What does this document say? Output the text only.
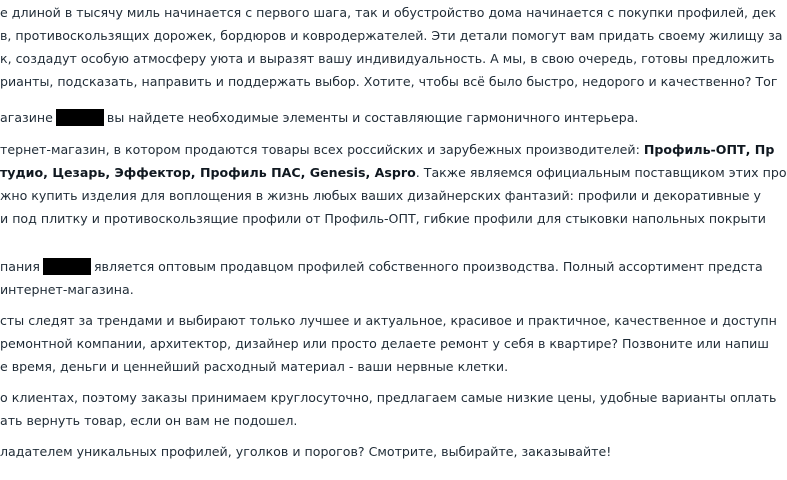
е длиной в тысячу миль начинается с первого шага, так и обустройство дома начинается с покупки профилей, дек
в, противоскользящих дорожек, бордюров и ковродержателей. Эти детали помогут вам придать своему жилищу за
к, создадут особую атмосферу уюта и выразят вашу индивидуальность. А мы, в свою очередь, готовы предложить
рианты, подсказать, направить и поддержать выбор. Хотите, чтобы всё было быстро, недорого и качественно? Тог
агазине	вы найдете необходимые элементы и составляющие гармоничного интерьера.
тернет-магазин, в котором продаются товары всех российских и зарубежных производителей: Профиль-ОПТ, Пр
тудио, Цезарь, Эффектор, Профиль ПАС, Genesis, Aspro. Также являемся официальным поставщиком этих про
жно купить изделия для воплощения в жизнь любых ваших дизайнерских фантазий: профили и декоративные у
и под плитку и противоскользящие профили от Профиль-ОПТ, гибкие профили для стыковки напольных покрыти
пания	является оптовым продавцом профилей собственного производства. Полный ассортимент предста
интернет-магазина.
сты следят за трендами и выбирают только лучшее и актуальное, красивое и практичное, качественное и доступн
ремонтной компании, архитектор, дизайнер или просто делаете ремонт у себя в квартире? Позвоните или напиш
е время, деньги и ценнейший расходный материал - ваши нервные клетки.
о клиентах, поэтому заказы принимаем круглосуточно, предлагаем самые низкие цены, удобные варианты оплать
ать вернуть товар, если он вам не подошел.
ладателем уникальных профилей, уголков и порогов? Смотрите, выбирайте, заказывайте!
